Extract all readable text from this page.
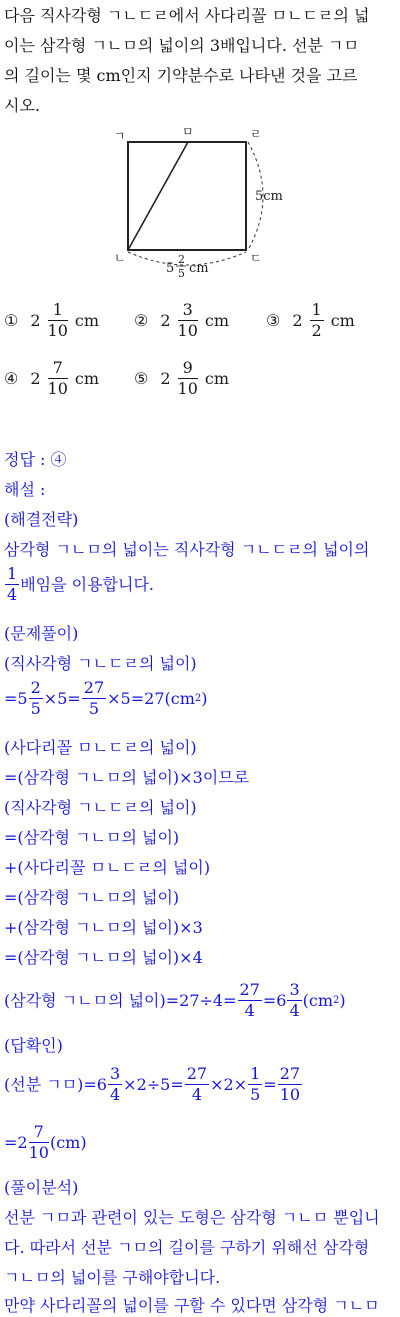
다음 직사각형 ㄱㄴㄷㄹ에서 사다리꼴 ㅁㄴㄷㄹ의 넓
이는 삼각형 ㄱㄴㅁ의 넓이의 3배입니다. 선분 ㄱㅁ
의 길이는 몇 cm인지 기약분수로 나타낸 것을 고르
시오.
ㄱ	ㅁ	ㄹ
ㄴ	ㄷ
5cm
5
2
5 cm
① $2 \frac{1}{10}$ cm ② $2 \frac{3}{10}$ cm ③ $2 \frac{1}{2}$ cm
④ $2 \frac{7}{10}$ cm ⑤ $2 \frac{9}{10}$ cm
정답 : ④
해설 :
(해결전략)
삼각형 ㄱㄴㅁ의 넓이는 직사각형 ㄱㄴㄷㄹ의 넓이의
$\frac{1}{4}$ 배임을 이용합니다.
(문제풀이)
(직사각형 ㄱㄴㄷㄹ의 넓이)
$=5 \frac{2}{5} \times 5= \frac{27}{5} \times 5=27(cm$ 2 )
(사다리꼴 ㅁㄴㄷㄹ의 넓이)
=(삼각형 ㄱㄴㅁ의 넓이)×3이므로
(직사각형 ㄱㄴㄷㄹ의 넓이)
=(삼각형 ㄱㄴㅁ의 넓이)
+(사다리꼴 ㅁㄴㄷㄹ의 넓이)
=(삼각형 ㄱㄴㅁ의 넓이)
+(삼각형 ㄱㄴㅁ의 넓이)×3
=(삼각형 ㄱㄴㅁ의 넓이)×4
(삼각형 ㄱㄴㅁ의 넓이)$=27\div 4= \frac{27}{4} =6 \frac{3}{4} (cm$ 2 )
(답확인)
(선분 ㄱㅁ)$=6 \frac{3}{4} \times 2\div 5= \frac{27}{4} \times 2\times \frac{1}{5} = \frac{27}{10}$
$=2 \frac{7}{10} (cm)$
(풀이분석)
선분 ㄱㅁ과 관련이 있는 도형은 삼각형 ㄱㄴㅁ 뿐입니
다. 따라서 선분 ㄱㅁ의 길이를 구하기 위해선 삼각형
ㄱㄴㅁ의 넓이를 구해야합니다.
만약 사다리꼴의 넓이를 구할 수 있다면 삼각형 ㄱㄴㅁ
